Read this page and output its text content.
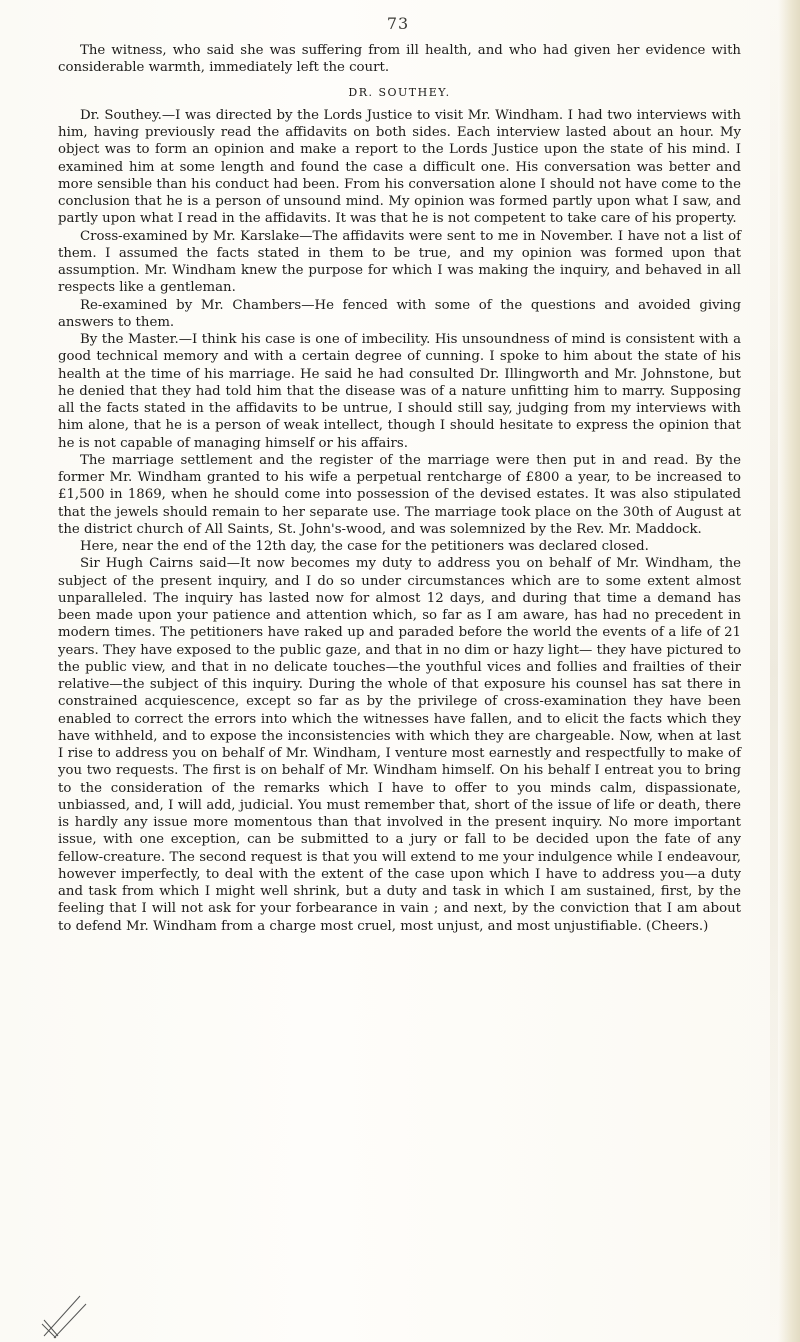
73

The witness, who said she was suffering from ill health, and who had given her evidence with considerable warmth, immediately left the court.

DR. SOUTHEY.

Dr. Southey.—I was directed by the Lords Justice to visit Mr. Windham. I had two interviews with him, having previously read the affidavits on both sides. Each interview lasted about an hour. My object was to form an opinion and make a report to the Lords Justice upon the state of his mind. I examined him at some length and found the case a difficult one. His conversation was better and more sensible than his conduct had been. From his conversation alone I should not have come to the conclusion that he is a person of unsound mind. My opinion was formed partly upon what I saw, and partly upon what I read in the affidavits. It was that he is not competent to take care of his property.

Cross-examined by Mr. Karslake—The affidavits were sent to me in November. I have not a list of them. I assumed the facts stated in them to be true, and my opinion was formed upon that assumption. Mr. Windham knew the purpose for which I was making the inquiry, and behaved in all respects like a gentleman.

Re-examined by Mr. Chambers—He fenced with some of the questions and avoided giving answers to them.

By the Master.—I think his case is one of imbecility. His unsoundness of mind is consistent with a good technical memory and with a certain degree of cunning. I spoke to him about the state of his health at the time of his marriage. He said he had consulted Dr. Illingworth and Mr. Johnstone, but he denied that they had told him that the disease was of a nature unfitting him to marry. Supposing all the facts stated in the affidavits to be untrue, I should still say, judging from my interviews with him alone, that he is a person of weak intellect, though I should hesitate to express the opinion that he is not capable of managing himself or his affairs.

The marriage settlement and the register of the marriage were then put in and read. By the former Mr. Windham granted to his wife a perpetual rentcharge of £800 a year, to be increased to £1,500 in 1869, when he should come into possession of the devised estates. It was also stipulated that the jewels should remain to her separate use. The marriage took place on the 30th of August at the district church of All Saints, St. John's-wood, and was solemnized by the Rev. Mr. Maddock.

Here, near the end of the 12th day, the case for the petitioners was declared closed.

Sir Hugh Cairns said—It now becomes my duty to address you on behalf of Mr. Windham, the subject of the present inquiry, and I do so under circumstances which are to some extent almost unparalleled. The inquiry has lasted now for almost 12 days, and during that time a demand has been made upon your patience and attention which, so far as I am aware, has had no precedent in modern times. The petitioners have raked up and paraded before the world the events of a life of 21 years. They have exposed to the public gaze, and that in no dim or hazy light— they have pictured to the public view, and that in no delicate touches—the youthful vices and follies and frailties of their relative—the subject of this inquiry. During the whole of that exposure his counsel has sat there in constrained acquiescence, except so far as by the privilege of cross-examination they have been enabled to correct the errors into which the witnesses have fallen, and to elicit the facts which they have withheld, and to expose the inconsistencies with which they are chargeable. Now, when at last I rise to address you on behalf of Mr. Windham, I venture most earnestly and respectfully to make of you two requests. The first is on behalf of Mr. Windham himself. On his behalf I entreat you to bring to the consideration of the remarks which I have to offer to you minds calm, dispassionate, unbiassed, and, I will add, judicial. You must remember that, short of the issue of life or death, there is hardly any issue more momentous than that involved in the present inquiry. No more important issue, with one exception, can be submitted to a jury or fall to be decided upon the fate of any fellow-creature. The second request is that you will extend to me your indulgence while I endeavour, however imperfectly, to deal with the extent of the case upon which I have to address you—a duty and task from which I might well shrink, but a duty and task in which I am sustained, first, by the feeling that I will not ask for your forbearance in vain ; and next, by the conviction that I am about to defend Mr. Windham from a charge most cruel, most unjust, and most unjustifiable. (Cheers.)
